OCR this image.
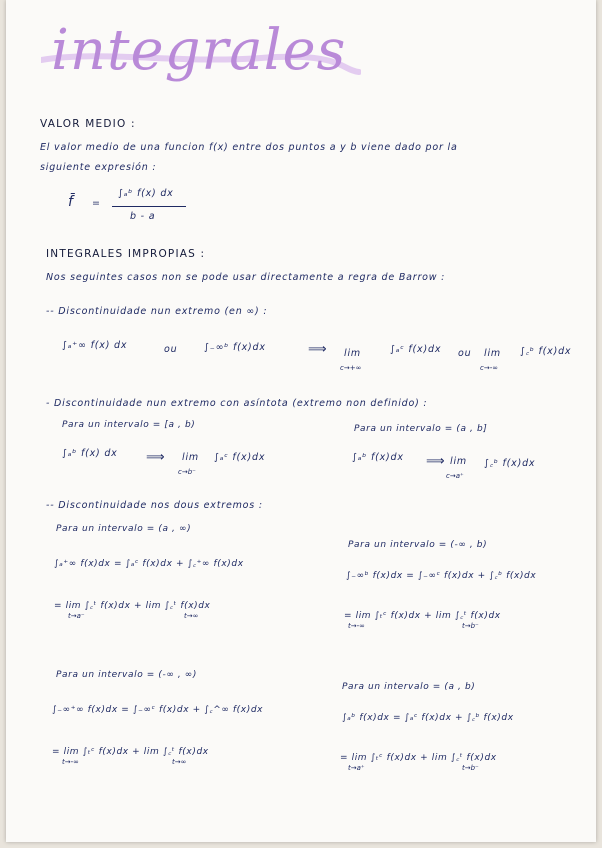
integrales
VALOR MEDIO :
El valor medio de una funcion f(x) entre dos puntos a y b viene dado por la
siguiente expresión :
f̄ =
∫ₐᵇ f(x) dx
b - a
INTEGRALES IMPROPIAS :
Nos seguintes casos non se pode usar directamente a regra de Barrow :
-- Discontinuidade nun extremo (en ∞) :
∫ₐ⁺∞ f(x) dx	ou	∫₋∞ᵇ f(x)dx	⟹ lim
c→+∞
∫ₐᶜ f(x)dx ou lim
c→-∞
∫꜀ᵇ f(x)dx
- Discontinuidade nun extremo con asíntota (extremo non definido) :
Para un intervalo = [a , b)
∫ₐᵇ f(x) dx ⟹ lim
c→b⁻
∫ₐᶜ f(x)dx
Para un intervalo = (a , b]
∫ₐᵇ f(x)dx ⟹ lim
c→a⁺
∫꜀ᵇ f(x)dx
-- Discontinuidade nos dous extremos :
Para un intervalo = (a , ∞)
∫ₐ⁺∞ f(x)dx = ∫ₐᶜ f(x)dx + ∫꜀⁺∞ f(x)dx
= lim ∫꜀ᵗ f(x)dx + lim ∫꜀ᵗ f(x)dx
t→a⁻	t→∞
Para un intervalo = (-∞ , b)
∫₋∞ᵇ f(x)dx = ∫₋∞ᶜ f(x)dx + ∫꜀ᵇ f(x)dx
= lim ∫ₜᶜ f(x)dx + lim ∫꜀ᵗ f(x)dx
t→-∞	t→b⁻
Para un intervalo = (-∞ , ∞)
∫₋∞⁺∞ f(x)dx = ∫₋∞ᶜ f(x)dx + ∫꜀^∞ f(x)dx
= lim ∫ₜᶜ f(x)dx + lim ∫꜀ᵗ f(x)dx
t→-∞	t→∞
Para un intervalo = (a , b)
∫ₐᵇ f(x)dx = ∫ₐᶜ f(x)dx + ∫꜀ᵇ f(x)dx
= lim ∫ₜᶜ f(x)dx + lim ∫꜀ᵗ f(x)dx
t→a⁺	t→b⁻
